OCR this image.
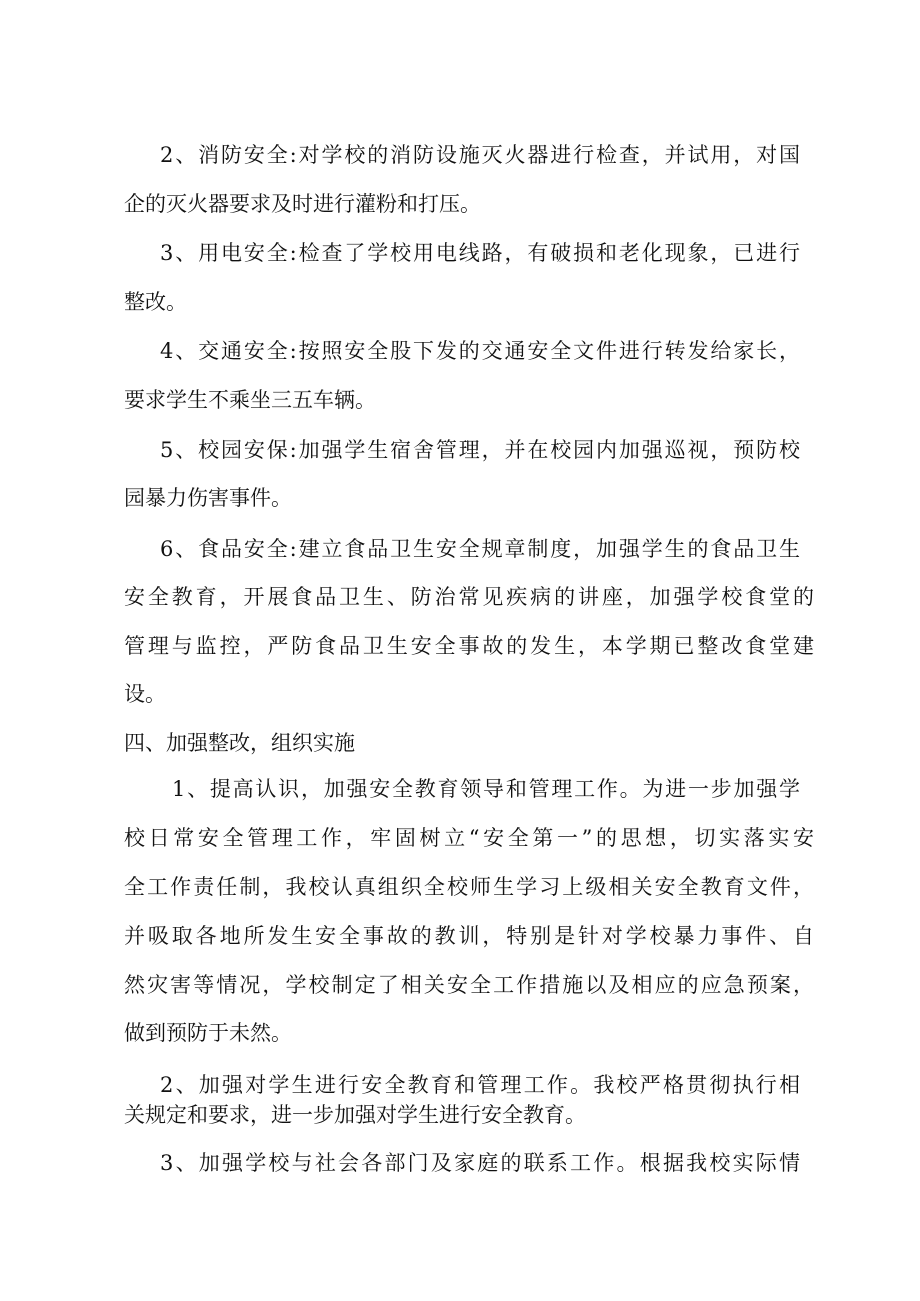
2、消防安全:对学校的消防设施灭火器进行检查，并试用，对国

企的灭火器要求及时进行灌粉和打压。

3、用电安全:检查了学校用电线路，有破损和老化现象，已进行

整改。

4、交通安全:按照安全股下发的交通安全文件进行转发给家长，

要求学生不乘坐三五车辆。

5、校园安保:加强学生宿舍管理，并在校园内加强巡视，预防校

园暴力伤害事件。

6、食品安全:建立食品卫生安全规章制度，加强学生的食品卫生

安全教育，开展食品卫生、防治常见疾病的讲座，加强学校食堂的

管理与监控，严防食品卫生安全事故的发生，本学期已整改食堂建

设。

四、加强整改，组织实施

1、提高认识，加强安全教育领导和管理工作。为进一步加强学

校日常安全管理工作，牢固树立“安全第一”的思想，切实落实安

全工作责任制，我校认真组织全校师生学习上级相关安全教育文件，

并吸取各地所发生安全事故的教训，特别是针对学校暴力事件、自

然灾害等情况，学校制定了相关安全工作措施以及相应的应急预案，

做到预防于未然。

2、加强对学生进行安全教育和管理工作。我校严格贯彻执行相

关规定和要求，进一步加强对学生进行安全教育。

3、加强学校与社会各部门及家庭的联系工作。根据我校实际情
